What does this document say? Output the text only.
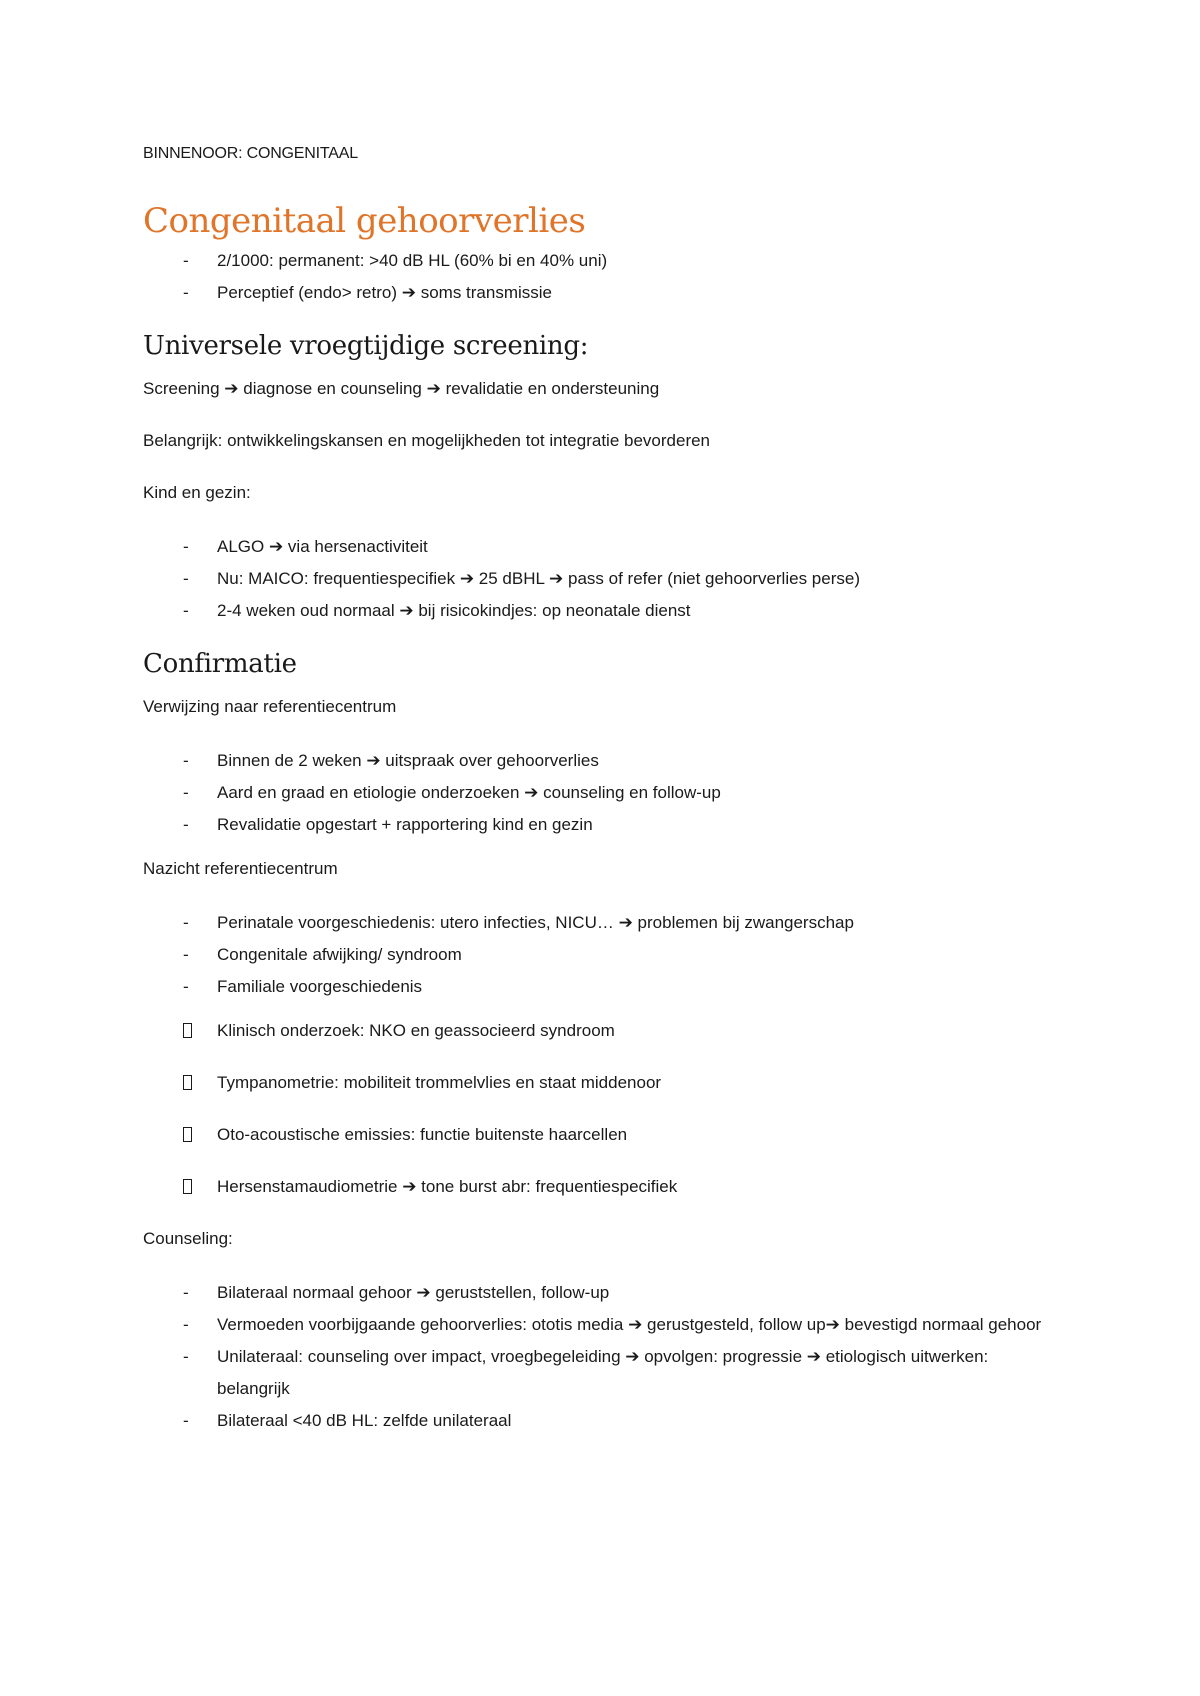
BINNENOOR: CONGENITAAL
Congenitaal gehoorverlies
- 2/1000: permanent: >40 dB HL (60% bi en 40% uni)
- Perceptief (endo> retro) ➔ soms transmissie
Universele vroegtijdige screening:

Screening ➔ diagnose en counseling ➔ revalidatie en ondersteuning

Belangrijk: ontwikkelingskansen en mogelijkheden tot integratie bevorderen

Kind en gezin:

- ALGO ➔ via hersenactiviteit
- Nu: MAICO: frequentiespecifiek ➔ 25 dBHL ➔ pass of refer (niet gehoorverlies perse)
- 2-4 weken oud normaal ➔ bij risicokindjes: op neonatale dienst
Confirmatie

Verwijzing naar referentiecentrum

- Binnen de 2 weken ➔ uitspraak over gehoorverlies
- Aard en graad en etiologie onderzoeken ➔ counseling en follow-up
- Revalidatie opgestart + rapportering kind en gezin

Nazicht referentiecentrum

- Perinatale voorgeschiedenis: utero infecties, NICU… ➔ problemen bij zwangerschap
- Congenitale afwijking/ syndroom
- Familiale voorgeschiedenis
Klinisch onderzoek: NKO en geassocieerd syndroom
Tympanometrie: mobiliteit trommelvlies en staat middenoor
Oto-acoustische emissies: functie buitenste haarcellen
Hersenstamaudiometrie ➔ tone burst abr: frequentiespecifiek

Counseling:

- Bilateraal normaal gehoor ➔ geruststellen, follow-up
- Vermoeden voorbijgaande gehoorverlies: ototis media ➔ gerustgesteld, follow up➔ bevestigd normaal gehoor
- Unilateraal: counseling over impact, vroegbegeleiding ➔ opvolgen: progressie ➔ etiologisch uitwerken: belangrijk
- Bilateraal <40 dB HL: zelfde unilateraal
